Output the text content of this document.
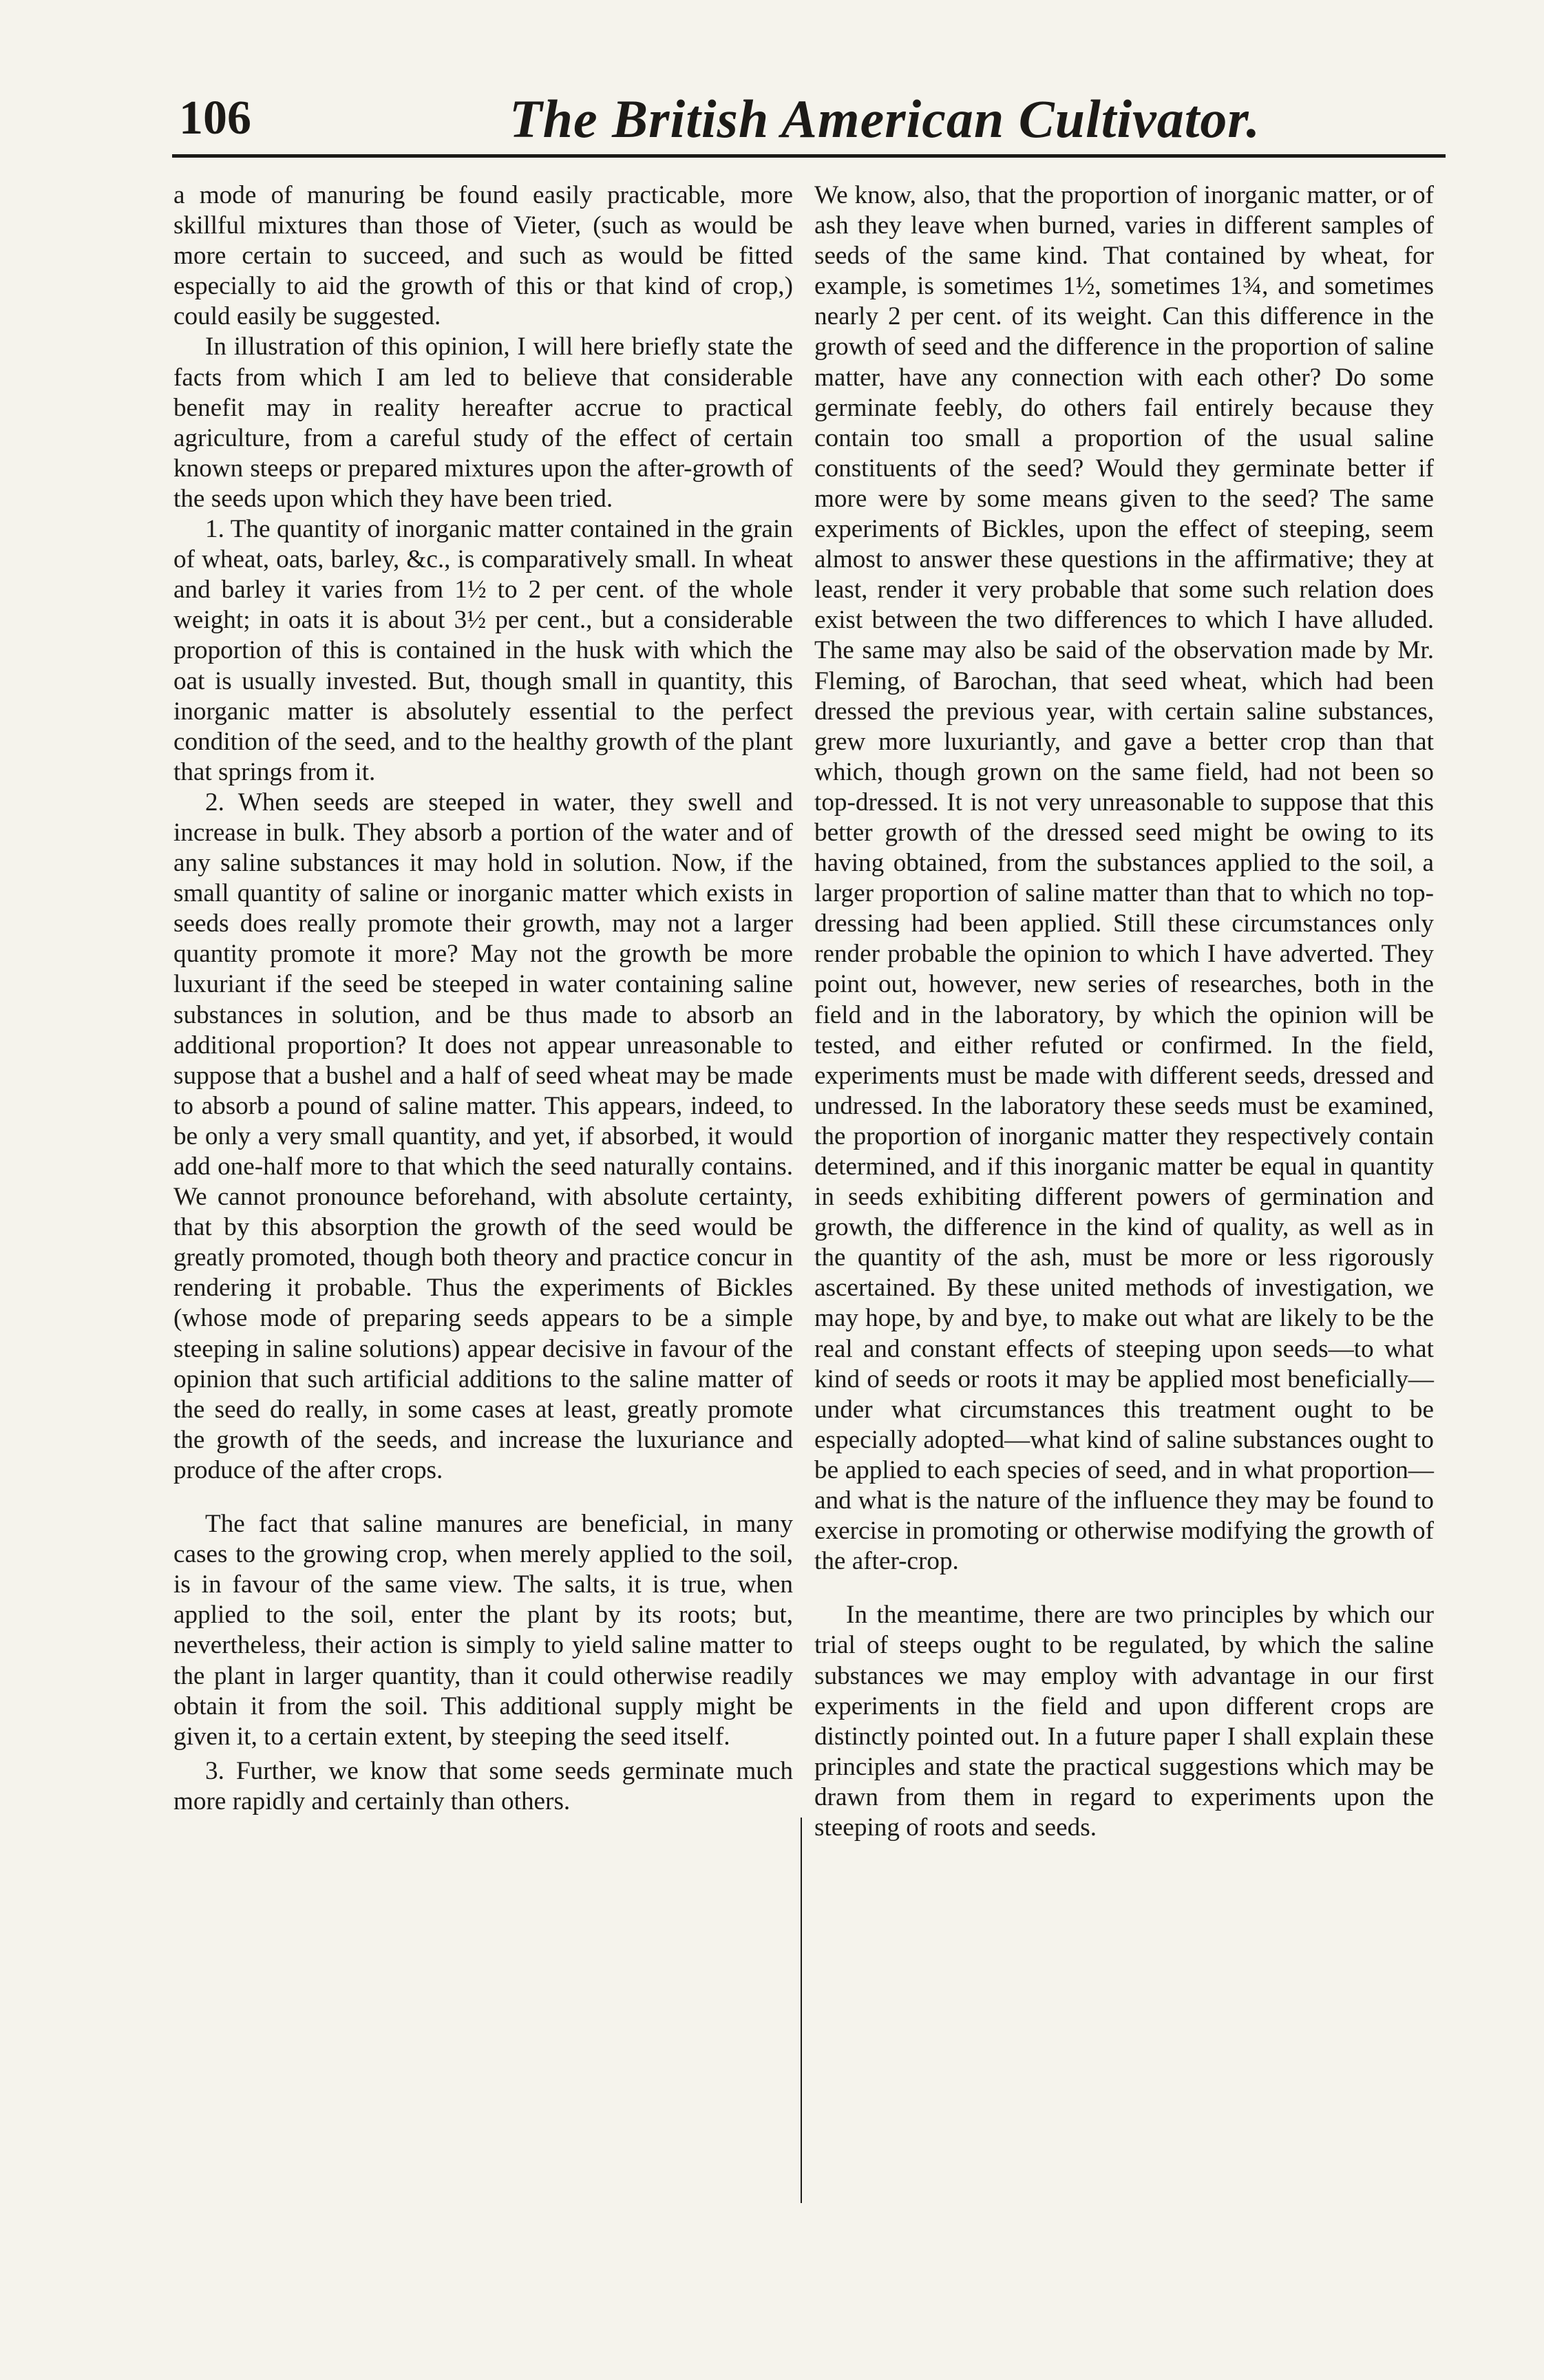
106	The British American Cultivator.

a mode of manuring be found easily practicable, more skillful mixtures than those of Vieter, (such as would be more certain to succeed, and such as would be fitted especially to aid the growth of this or that kind of crop,) could easily be suggested.

In illustration of this opinion, I will here briefly state the facts from which I am led to believe that considerable benefit may in reality hereafter accrue to practical agriculture, from a careful study of the effect of certain known steeps or prepared mixtures upon the after-growth of the seeds upon which they have been tried.

1. The quantity of inorganic matter contained in the grain of wheat, oats, barley, &c., is comparatively small. In wheat and barley it varies from 1½ to 2 per cent. of the whole weight; in oats it is about 3½ per cent., but a considerable proportion of this is contained in the husk with which the oat is usually invested. But, though small in quantity, this inorganic matter is absolutely essential to the perfect condition of the seed, and to the healthy growth of the plant that springs from it.

2. When seeds are steeped in water, they swell and increase in bulk. They absorb a portion of the water and of any saline substances it may hold in solution. Now, if the small quantity of saline or inorganic matter which exists in seeds does really promote their growth, may not a larger quantity promote it more? May not the growth be more luxuriant if the seed be steeped in water containing saline substances in solution, and be thus made to absorb an additional proportion? It does not appear unreasonable to suppose that a bushel and a half of seed wheat may be made to absorb a pound of saline matter. This appears, indeed, to be only a very small quantity, and yet, if absorbed, it would add one-half more to that which the seed naturally contains. We cannot pronounce beforehand, with absolute certainty, that by this absorption the growth of the seed would be greatly promoted, though both theory and practice concur in rendering it probable. Thus the experiments of Bickles (whose mode of preparing seeds appears to be a simple steeping in saline solutions) appear decisive in favour of the opinion that such artificial additions to the saline matter of the seed do really, in some cases at least, greatly promote the growth of the seeds, and increase the luxuriance and produce of the after crops.

The fact that saline manures are beneficial, in many cases to the growing crop, when merely applied to the soil, is in favour of the same view. The salts, it is true, when applied to the soil, enter the plant by its roots; but, nevertheless, their action is simply to yield saline matter to the plant in larger quantity, than it could otherwise readily obtain it from the soil. This additional supply might be given it, to a certain extent, by steeping the seed itself.

3. Further, we know that some seeds germinate much more rapidly and certainly than others.

We know, also, that the proportion of inorganic matter, or of ash they leave when burned, varies in different samples of seeds of the same kind. That contained by wheat, for example, is sometimes 1½, sometimes 1¾, and sometimes nearly 2 per cent. of its weight. Can this difference in the growth of seed and the difference in the proportion of saline matter, have any connection with each other? Do some germinate feebly, do others fail entirely because they contain too small a proportion of the usual saline constituents of the seed? Would they germinate better if more were by some means given to the seed? The same experiments of Bickles, upon the effect of steeping, seem almost to answer these questions in the affirmative; they at least, render it very probable that some such relation does exist between the two differences to which I have alluded. The same may also be said of the observation made by Mr. Fleming, of Barochan, that seed wheat, which had been dressed the previous year, with certain saline substances, grew more luxuriantly, and gave a better crop than that which, though grown on the same field, had not been so top-dressed. It is not very unreasonable to suppose that this better growth of the dressed seed might be owing to its having obtained, from the substances applied to the soil, a larger proportion of saline matter than that to which no top-dressing had been applied. Still these circumstances only render probable the opinion to which I have adverted. They point out, however, new series of researches, both in the field and in the laboratory, by which the opinion will be tested, and either refuted or confirmed. In the field, experiments must be made with different seeds, dressed and undressed. In the laboratory these seeds must be examined, the proportion of inorganic matter they respectively contain determined, and if this inorganic matter be equal in quantity in seeds exhibiting different powers of germination and growth, the difference in the kind of quality, as well as in the quantity of the ash, must be more or less rigorously ascertained. By these united methods of investigation, we may hope, by and bye, to make out what are likely to be the real and constant effects of steeping upon seeds—to what kind of seeds or roots it may be applied most beneficially—under what circumstances this treatment ought to be especially adopted—what kind of saline substances ought to be applied to each species of seed, and in what proportion—and what is the nature of the influence they may be found to exercise in promoting or otherwise modifying the growth of the after-crop.

In the meantime, there are two principles by which our trial of steeps ought to be regulated, by which the saline substances we may employ with advantage in our first experiments in the field and upon different crops are distinctly pointed out. In a future paper I shall explain these principles and state the practical suggestions which may be drawn from them in regard to experiments upon the steeping of roots and seeds.
